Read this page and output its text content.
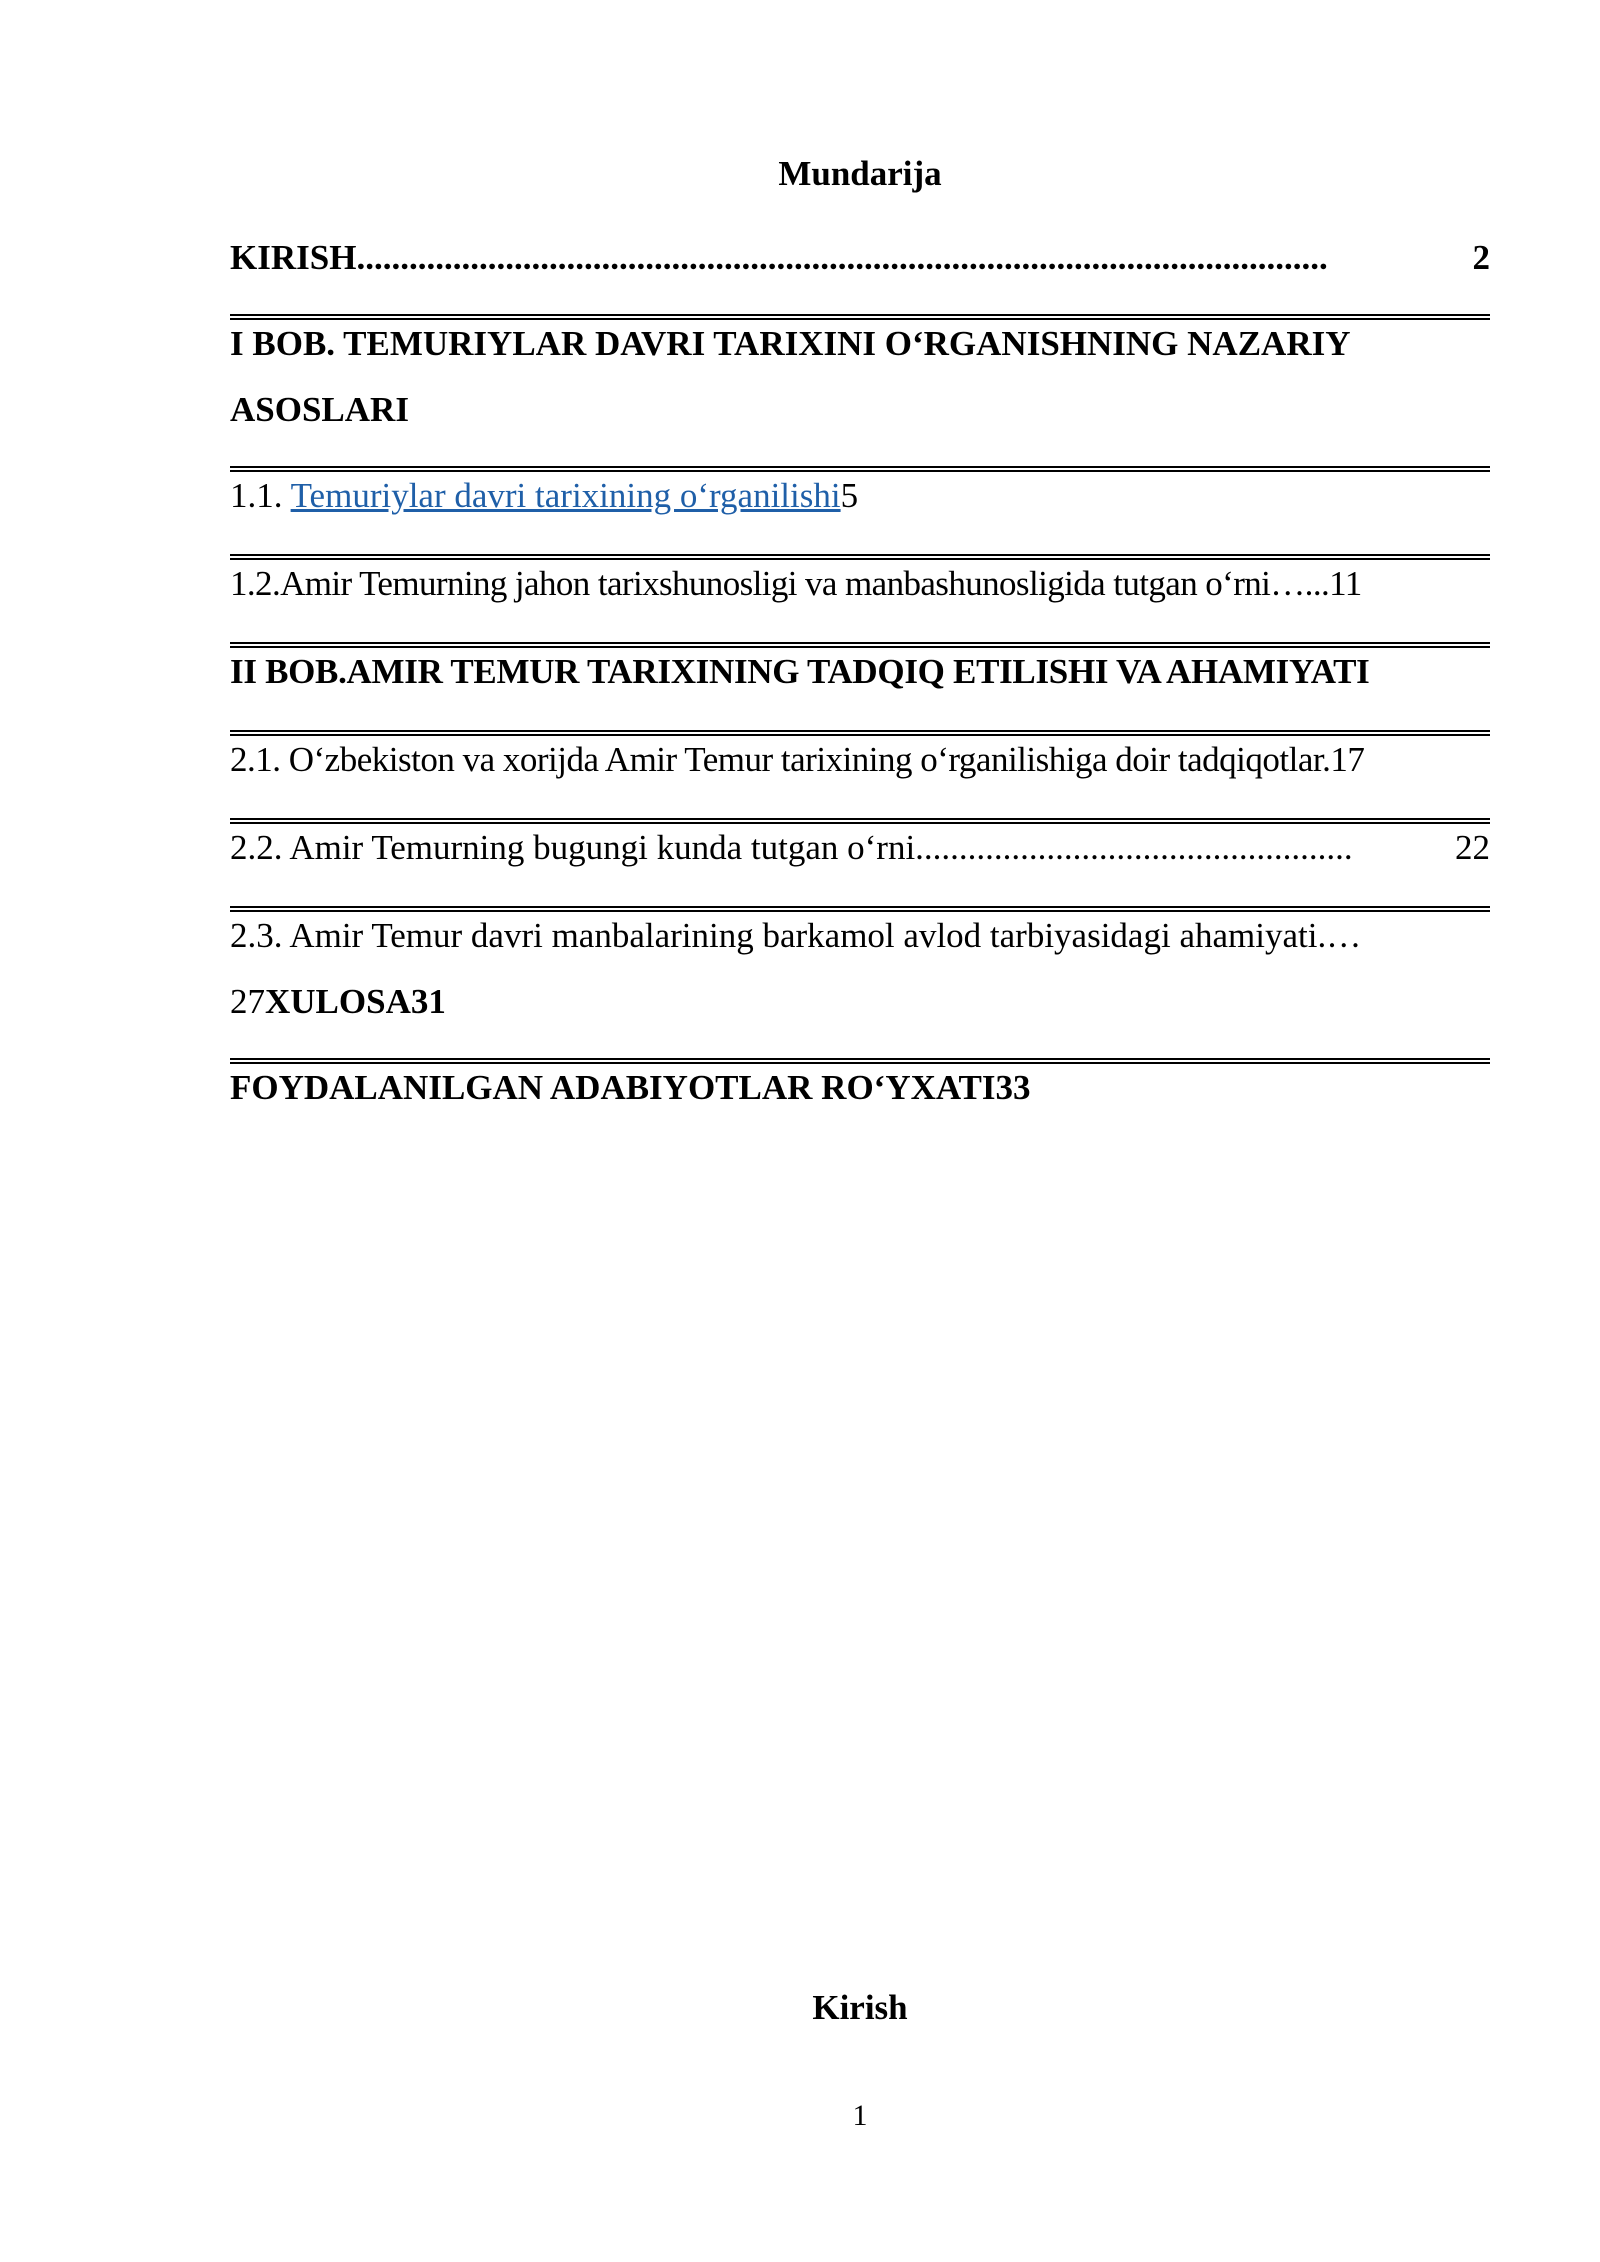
Mundarija
KIRISH ...............................................................................................................	2
I BOB. TEMURIYLAR DAVRI TARIXINI O‘RGANISHNING NAZARIY
ASOSLARI
1.1. Temuriylar davri tarixining o‘rganilishi5
1.2.Amir Temurning jahon tarixshunosligi va manbashunosligida tutgan o‘rni…...11
II BOB.AMIR TEMUR TARIXINING TADQIQ ETILISHI VA AHAMIYATI
2.1. O‘zbekiston va xorijda Amir Temur tarixining o‘rganilishiga doir tadqiqotlar.17
2.2. Amir Temurning bugungi kunda tutgan o‘rni ..................................................	22
2.3. Amir Temur davri manbalarining barkamol avlod tarbiyasidagi ahamiyati.…
27XULOSA31
FOYDALANILGAN ADABIYOTLAR RO‘YXATI33
Kirish
1
